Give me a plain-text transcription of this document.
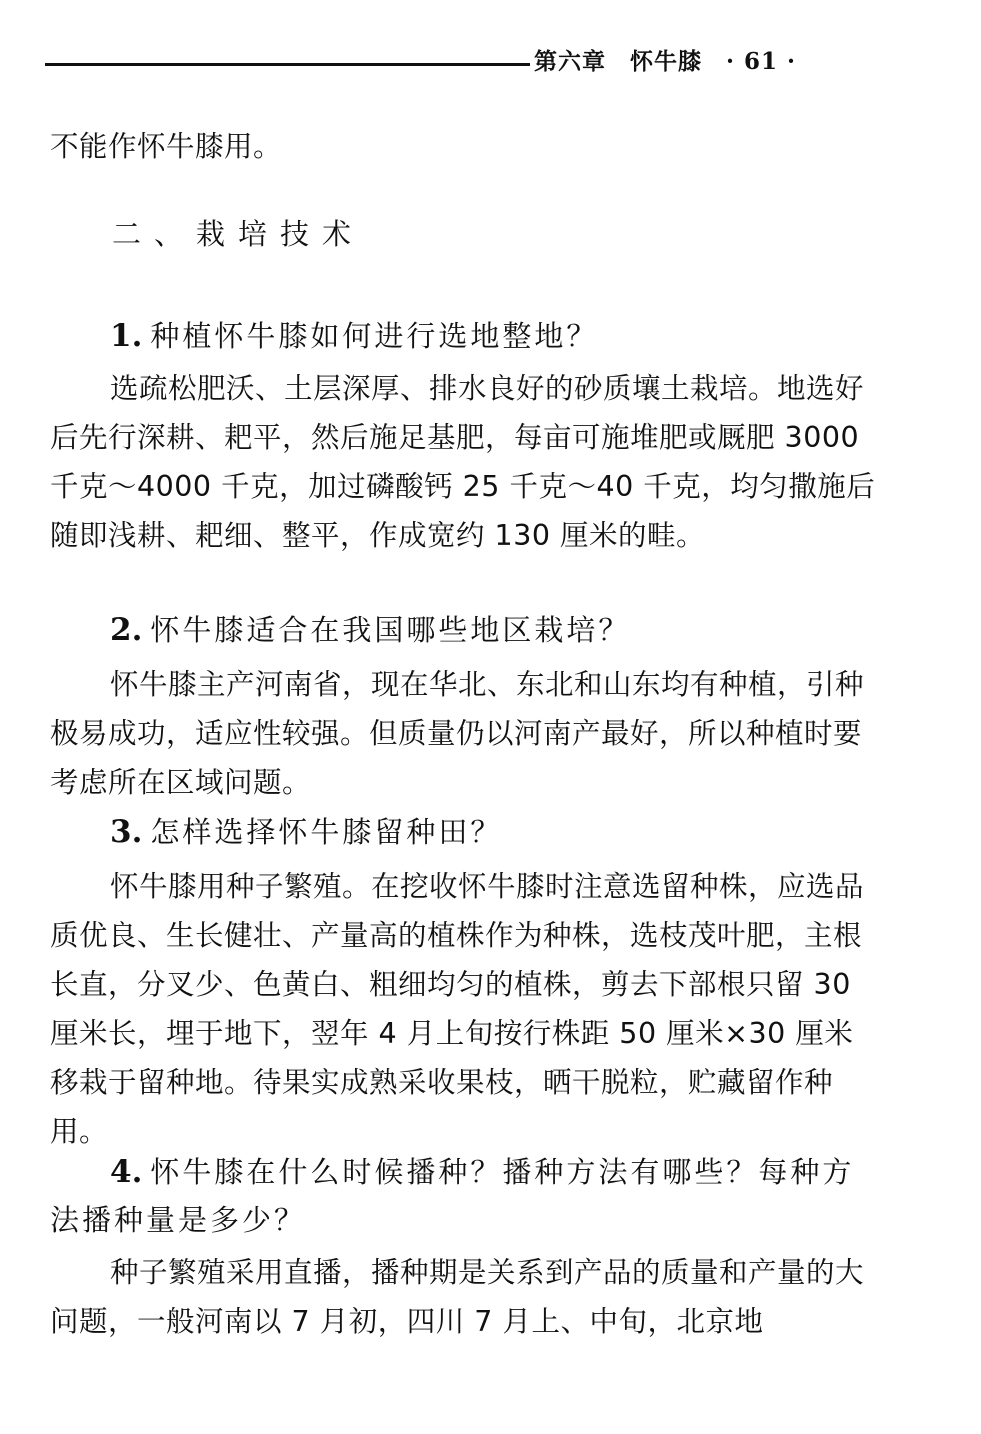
第六章　怀牛膝 · 61 ·

不能作怀牛膝用。

二、栽培技术

1. 种植怀牛膝如何进行选地整地？

选疏松肥沃、土层深厚、排水良好的砂质壤土栽培。地选好后先行深耕、耙平，然后施足基肥，每亩可施堆肥或厩肥 3000 千克～4000 千克，加过磷酸钙 25 千克～40 千克，均匀撒施后随即浅耕、耙细、整平，作成宽约 130 厘米的畦。

2. 怀牛膝适合在我国哪些地区栽培？

怀牛膝主产河南省，现在华北、东北和山东均有种植，引种极易成功，适应性较强。但质量仍以河南产最好，所以种植时要考虑所在区域问题。

3. 怎样选择怀牛膝留种田？

怀牛膝用种子繁殖。在挖收怀牛膝时注意选留种株，应选品质优良、生长健壮、产量高的植株作为种株，选枝茂叶肥，主根长直，分叉少、色黄白、粗细均匀的植株，剪去下部根只留 30 厘米长，埋于地下，翌年 4 月上旬按行株距 50 厘米×30 厘米移栽于留种地。待果实成熟采收果枝，晒干脱粒，贮藏留作种用。

4. 怀牛膝在什么时候播种？播种方法有哪些？每种方法播种量是多少？

种子繁殖采用直播，播种期是关系到产品的质量和产量的大问题，一般河南以 7 月初，四川 7 月上、中旬，北京地
